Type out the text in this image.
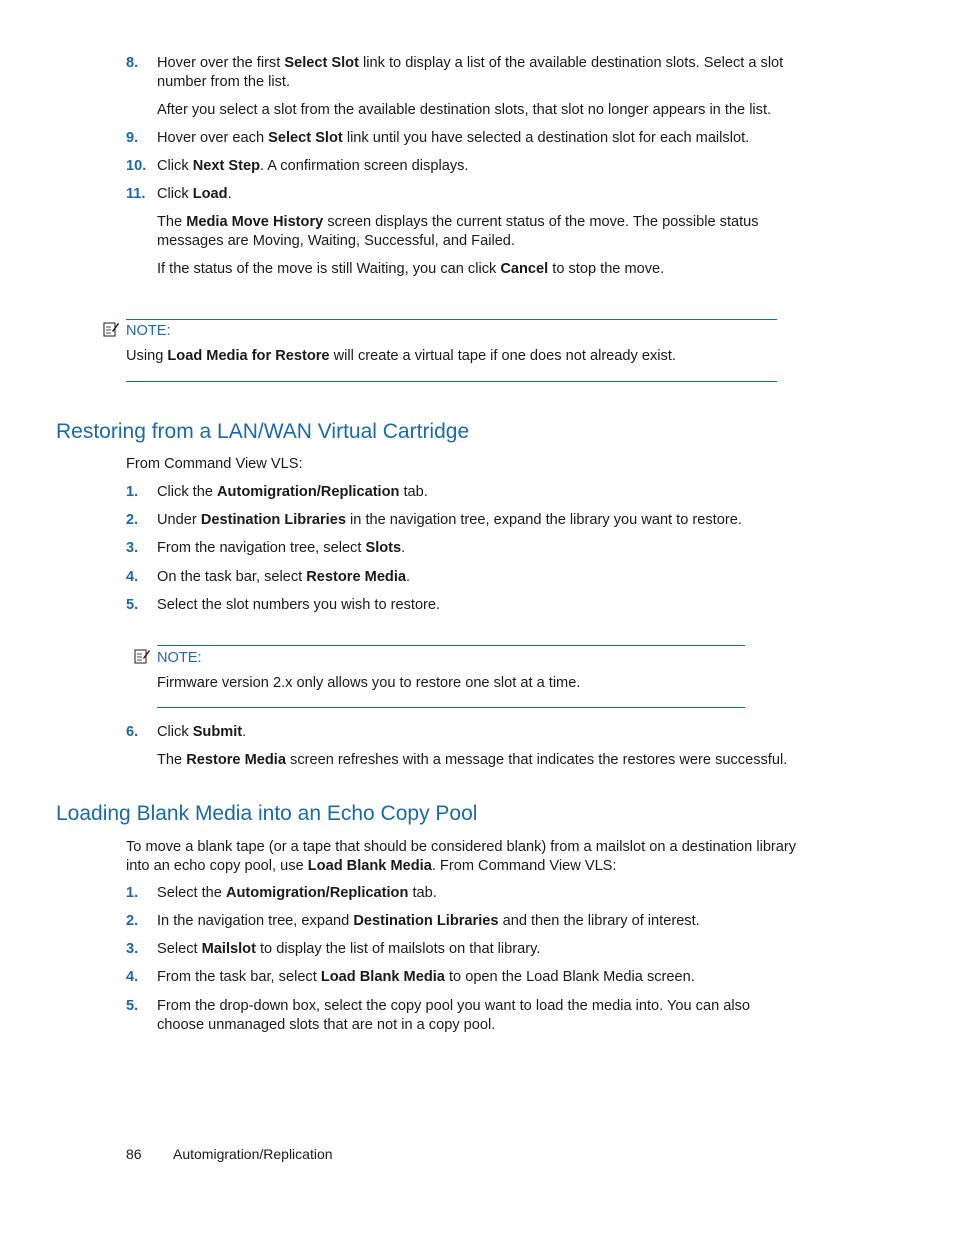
8. Hover over the first Select Slot link to display a list of the available destination slots. Select a slot number from the list.
After you select a slot from the available destination slots, that slot no longer appears in the list.
9. Hover over each Select Slot link until you have selected a destination slot for each mailslot.
10. Click Next Step. A confirmation screen displays.
11. Click Load.
The Media Move History screen displays the current status of the move. The possible status messages are Moving, Waiting, Successful, and Failed.
If the status of the move is still Waiting, you can click Cancel to stop the move.
NOTE:
Using Load Media for Restore will create a virtual tape if one does not already exist.
Restoring from a LAN/WAN Virtual Cartridge
From Command View VLS:
1. Click the Automigration/Replication tab.
2. Under Destination Libraries in the navigation tree, expand the library you want to restore.
3. From the navigation tree, select Slots.
4. On the task bar, select Restore Media.
5. Select the slot numbers you wish to restore.
NOTE:
Firmware version 2.x only allows you to restore one slot at a time.
6. Click Submit.
The Restore Media screen refreshes with a message that indicates the restores were successful.
Loading Blank Media into an Echo Copy Pool
To move a blank tape (or a tape that should be considered blank) from a mailslot on a destination library into an echo copy pool, use Load Blank Media. From Command View VLS:
1. Select the Automigration/Replication tab.
2. In the navigation tree, expand Destination Libraries and then the library of interest.
3. Select Mailslot to display the list of mailslots on that library.
4. From the task bar, select Load Blank Media to open the Load Blank Media screen.
5. From the drop-down box, select the copy pool you want to load the media into. You can also choose unmanaged slots that are not in a copy pool.
86 Automigration/Replication
